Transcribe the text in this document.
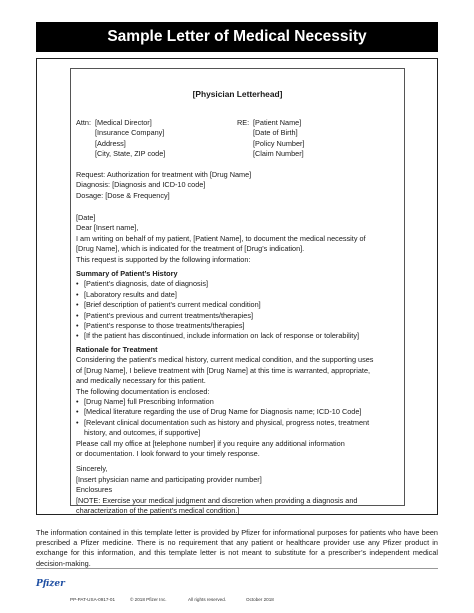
Sample Letter of Medical Necessity
[Physician Letterhead]
Attn: [Medical Director]
[Insurance Company]
[Address]
[City, State, ZIP code]
RE: [Patient Name]
[Date of Birth]
[Policy Number]
[Claim Number]
Request: Authorization for treatment with [Drug Name]
Diagnosis: [Diagnosis and ICD-10 code]
Dosage: [Dose & Frequency]
[Date]
Dear [Insert name],
I am writing on behalf of my patient, [Patient Name], to document the medical necessity of
[Drug Name], which is indicated for the treatment of [Drug’s indication].
This request is supported by the following information:
Summary of Patient’s History
• [Patient’s diagnosis, date of diagnosis]
• [Laboratory results and date]
• [Brief description of patient’s current medical condition]
• [Patient’s previous and current treatments/therapies]
• [Patient’s response to those treatments/therapies]
• [If the patient has discontinued, include information on lack of response or tolerability]
Rationale for Treatment
Considering the patient’s medical history, current medical condition, and the supporting uses
of [Drug Name], I believe treatment with [Drug Name] at this time is warranted, appropriate,
and medically necessary for this patient.
The following documentation is enclosed:
• [Drug Name] full Prescribing Information
• [Medical literature regarding the use of Drug Name for Diagnosis name; ICD-10 Code]
• [Relevant clinical documentation such as history and physical, progress notes, treatment
history, and outcomes, if supportive]
Please call my office at [telephone number] if you require any additional information
or documentation. I look forward to your timely response.
Sincerely,
[Insert physician name and participating provider number]
Enclosures
[NOTE: Exercise your medical judgment and discretion when providing a diagnosis and
characterization of the patient’s medical condition.]
The information contained in this template letter is provided by Pfizer for informational purposes for patients who have been prescribed a Pfizer medicine. There is no requirement that any patient or healthcare provider use any Pfizer product in exchange for this information, and this template letter is not meant to substitute for a prescriber’s independent medical decision-making.
Pfizer
PP-PAT-USA-0917-01	© 2018 Pfizer Inc.	All rights reserved.	October 2018
